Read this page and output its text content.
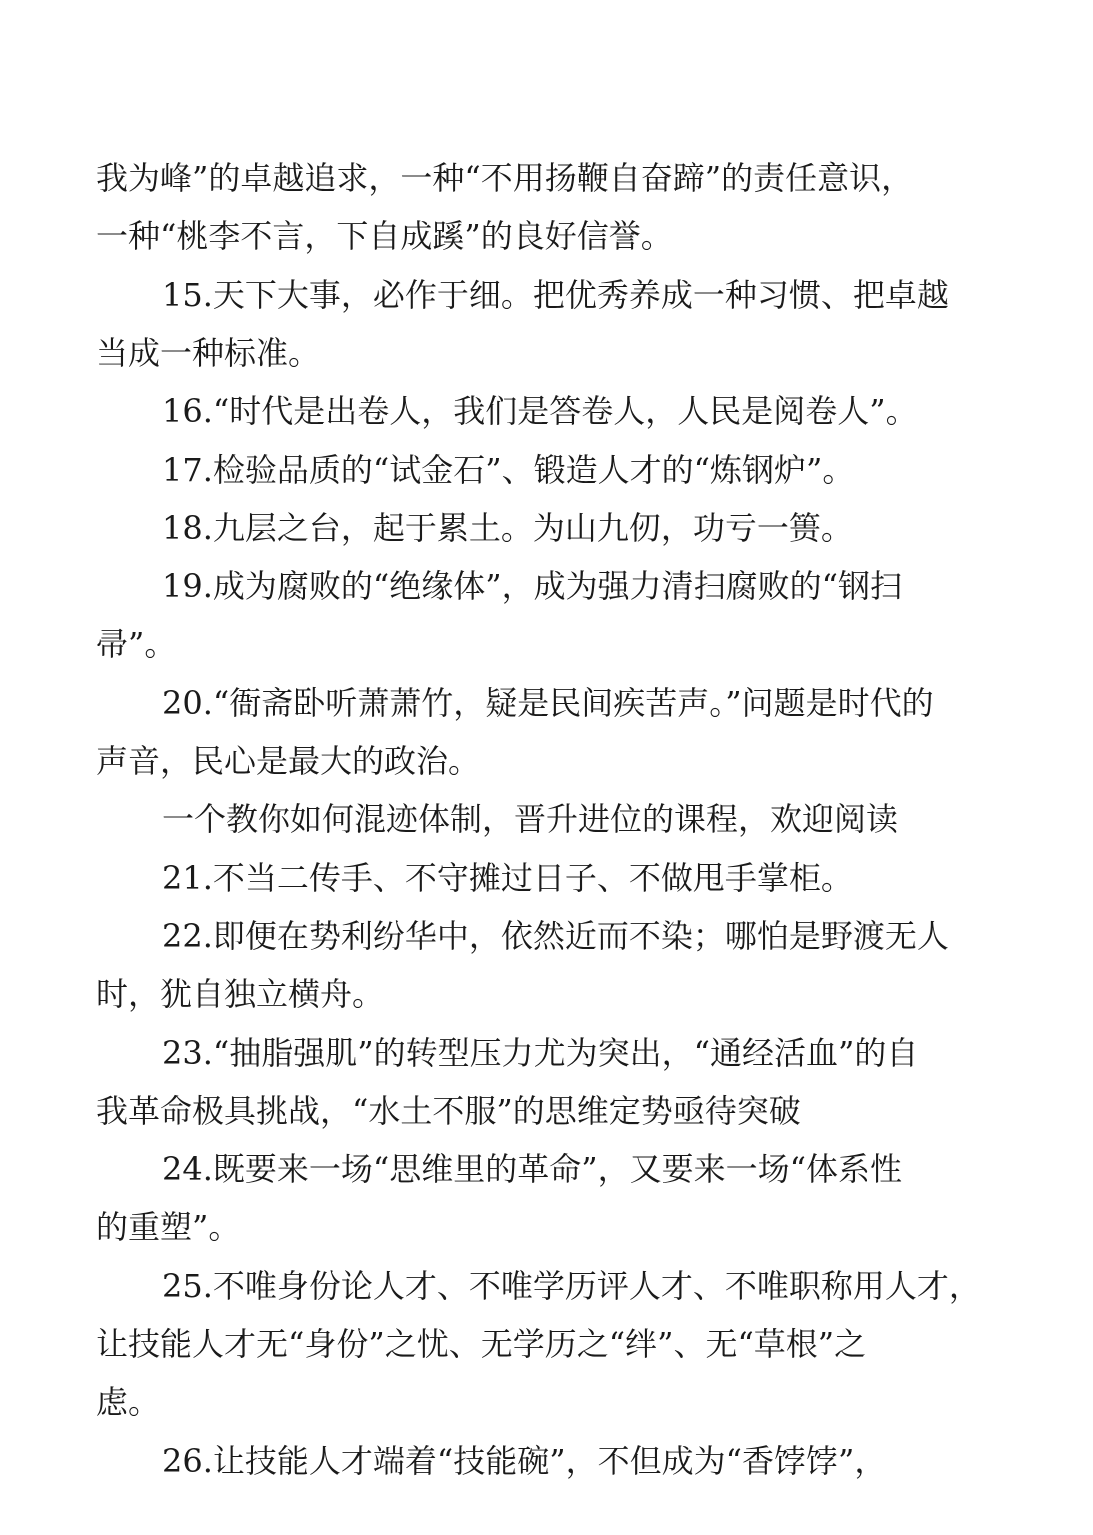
我为峰”的卓越追求，一种“不用扬鞭自奋蹄”的责任意识，
一种“桃李不言，下自成蹊”的良好信誉。
15.天下大事，必作于细。把优秀养成一种习惯、把卓越
当成一种标准。
16.“时代是出卷人，我们是答卷人，人民是阅卷人”。
17.检验品质的“试金石”、锻造人才的“炼钢炉”。
18.九层之台，起于累土。为山九仞，功亏一篑。
19.成为腐败的“绝缘体”，成为强力清扫腐败的“钢扫
帚”。
20.“衙斋卧听萧萧竹，疑是民间疾苦声。”问题是时代的
声音，民心是最大的政治。
一个教你如何混迹体制，晋升进位的课程，欢迎阅读
21.不当二传手、不守摊过日子、不做甩手掌柜。
22.即便在势利纷华中，依然近而不染；哪怕是野渡无人
时，犹自独立横舟。
23.“抽脂强肌”的转型压力尤为突出，“通经活血”的自
我革命极具挑战，“水土不服”的思维定势亟待突破
24.既要来一场“思维里的革命”，又要来一场“体系性
的重塑”。
25.不唯身份论人才、不唯学历评人才、不唯职称用人才，
让技能人才无“身份”之忧、无学历之“绊”、无“草根”之
虑。
26.让技能人才端着“技能碗”，不但成为“香饽饽”，
